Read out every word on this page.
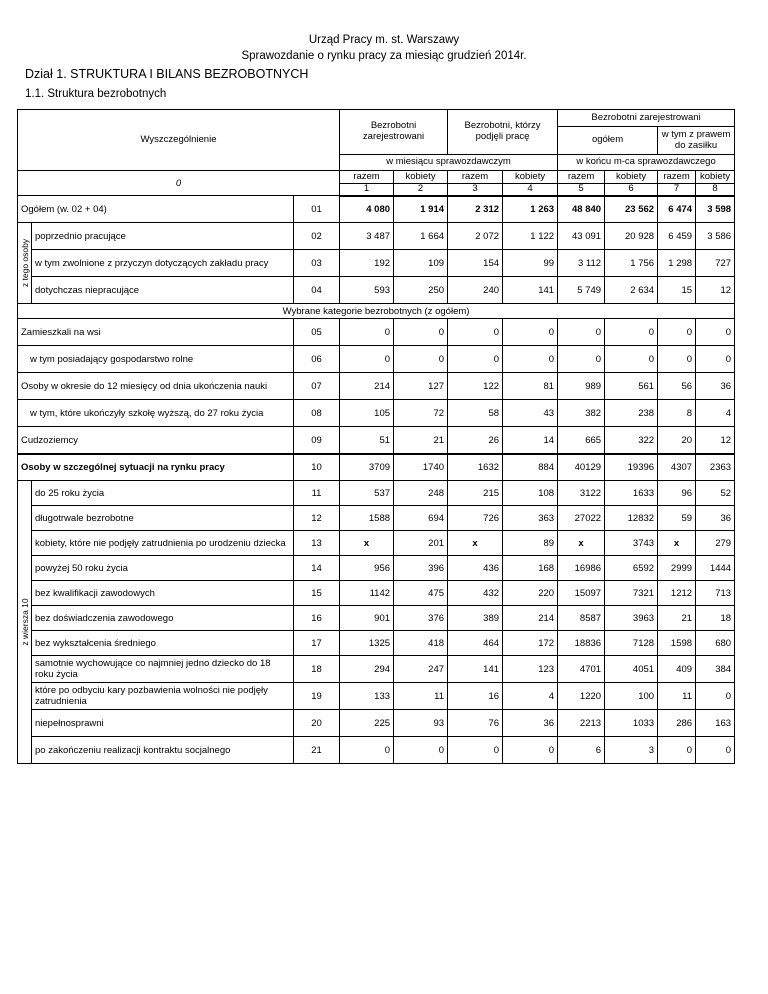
Urząd Pracy m. st. Warszawy
Sprawozdanie o rynku pracy za miesiąc grudzień 2014r.
Dział 1. STRUKTURA I BILANS BEZROBOTNYCH
1.1. Struktura bezrobotnych
Wyszczególnienie			Bezrobotni zarejestrowani		Bezrobotni, którzy podjęli pracę		Bezrobotni zarejestrowani			
							ogółem		w tym z prawem do zasiłku	
			w miesiącu sprawozdawczym				w końcu m-ca sprawozdawczego			
0			razem	kobiety	razem	kobiety	razem	kobiety	razem	kobiety
			1	2	3	4	5	6	7	8
Ogółem (w. 02 + 04)		01	4 080	1 914	2 312	1 263	48 840	23 562	6 474	3 598

z tego osoby	poprzednio pracujące	02	3 487	1 664	2 072	1 122	43 091	20 928	6 459	3 586
	w tym zwolnione z przyczyn dotyczących zakładu pracy	03	192	109	154	99	3 112	1 756	1 298	727
	dotychczas niepracujące	04	593	250	240	141	5 749	2 634	15	12
Wybrane kategorie bezrobotnych (z ogółem)										
Zamieszkali na wsi		05	0	0	0	0	0	0	0	0
w tym posiadający gospodarstwo rolne		06	0	0	0	0	0	0	0	0
Osoby w okresie do 12 miesięcy od dnia ukończenia nauki		07	214	127	122	81	989	561	56	36
w tym, które ukończyły szkołę wyższą, do 27 roku życia		08	105	72	58	43	382	238	8	4
Cudzoziemcy		09	51	21	26	14	665	322	20	12
Osoby w szczególnej sytuacji na rynku pracy		10	3709	1740	1632	884	40129	19396	4307	2363

z wiersza 10	do 25 roku życia	11	537	248	215	108	3122	1633	96	52
	długotrwale bezrobotne	12	1588	694	726	363	27022	12832	59	36
	kobiety, które nie podjęły zatrudnienia po urodzeniu dziecka	13	x	201	x	89	x	3743	x	279
	powyżej 50 roku życia	14	956	396	436	168	16986	6592	2999	1444
	bez kwalifikacji zawodowych	15	1142	475	432	220	15097	7321	1212	713
	bez doświadczenia zawodowego	16	901	376	389	214	8587	3963	21	18
	bez wykształcenia średniego	17	1325	418	464	172	18836	7128	1598	680
	samotnie wychowujące co najmniej jedno dziecko do 18 roku życia	18	294	247	141	123	4701	4051	409	384
	które po odbyciu kary pozbawienia wolności nie podjęły zatrudnienia	19	133	11	16	4	1220	100	11	0
	niepełnosprawni	20	225	93	76	36	2213	1033	286	163
	po zakończeniu realizacji kontraktu socjalnego	21	0	0	0	0	6	3	0	0
